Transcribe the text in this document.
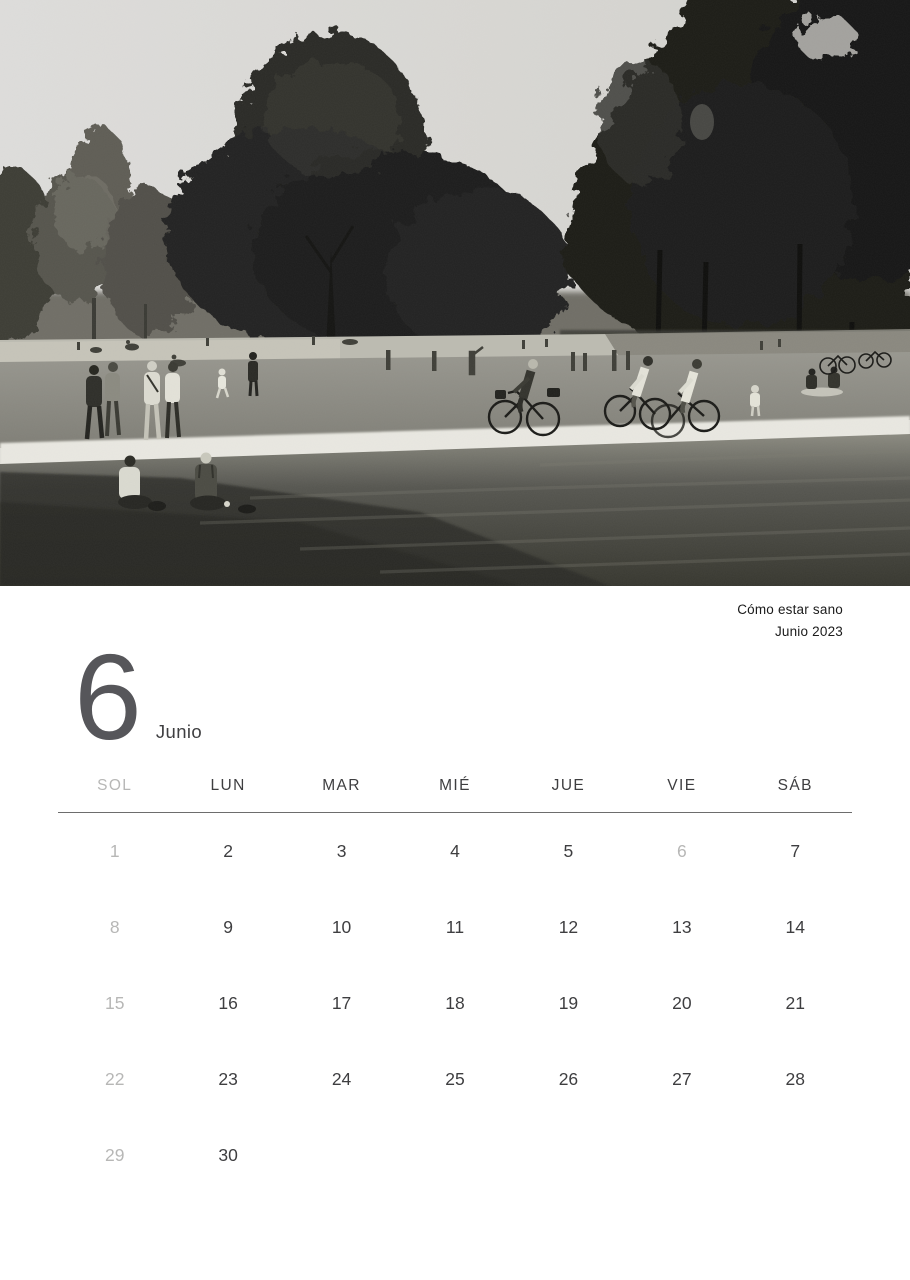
Cómo estar sano
Junio 2023
6 Junio
SOL	LUN	MAR	MIÉ	JUE	VIE	SÁB
1	2	3	4	5	6	7
8	9	10	11	12	13	14
15	16	17	18	19	20	21
22	23	24	25	26	27	28
29	30
